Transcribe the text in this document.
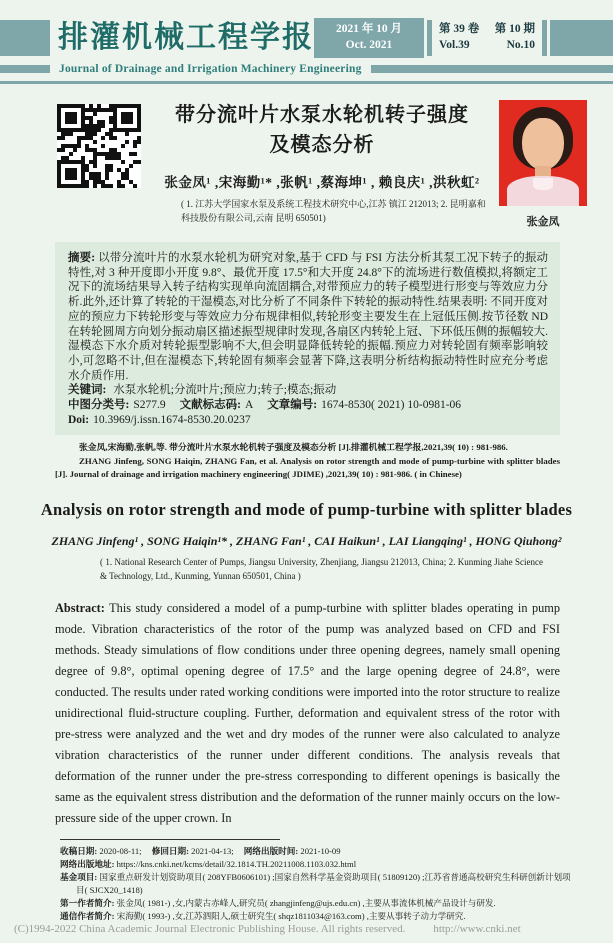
排灌机械工程学报	2021 年 10 月
Oct. 2021
第 39 卷 第 10 期
Vol.39	No.10
Journal of Drainage and Irrigation Machinery Engineering
带分流叶片水泵水轮机转子强度
及模态分析
张金凤¹ ,宋海勤¹* ,张帆¹ ,蔡海坤¹ , 赖良庆¹ ,洪秋虹²
( 1. 江苏大学国家水泵及系统工程技术研究中心,江苏 镇江 212013; 2. 昆明嘉和科技股份有限公司,云南 昆明 650501)	张金凤

摘要: 以带分流叶片的水泵水轮机为研究对象,基于 CFD 与 FSI 方法分析其泵工况下转子的振动特性,对 3 种开度即小开度 9.8°、最优开度 17.5°和大开度 24.8°下的流场进行数值模拟,将额定工况下的流场结果导入转子结构实现单向流固耦合,对带预应力的转子模型进行形变与等效应力分析.此外,还计算了转轮的干湿模态,对比分析了不同条件下转轮的振动特性.结果表明: 不同开度对应的预应力下转轮形变与等效应力分布规律相似,转轮形变主要发生在上冠低压侧.按节径数 ND 在转轮圆周方向划分振动扇区描述振型规律时发现,各扇区内转轮上冠、下环低压侧的振幅较大.湿模态下水介质对转轮振型影响不大,但会明显降低转轮的振幅.预应力对转轮固有频率影响较小,可忽略不计,但在湿模态下,转轮固有频率会显著下降,这表明分析结构振动特性时应充分考虑水介质作用.

关键词: 水泵水轮机;分流叶片;预应力;转子;模态;振动

中图分类号: S277.9 文献标志码: A 文章编号: 1674-8530( 2021) 10-0981-06

Doi: 10.3969/j.issn.1674-8530.20.0237

张金凤,宋海勤,张帆,等. 带分流叶片水泵水轮机转子强度及模态分析 [J].排灌机械工程学报,2021,39( 10) : 981-986.

ZHANG Jinfeng, SONG Haiqin, ZHANG Fan, et al. Analysis on rotor strength and mode of pump-turbine with splitter blades [J]. Journal of drainage and irrigation machinery engineering( JDIME) ,2021,39( 10) : 981-986. ( in Chinese)

Analysis on rotor strength and mode of pump-turbine with splitter blades

ZHANG Jinfeng¹ , SONG Haiqin¹* , ZHANG Fan¹ , CAI Haikun¹ , LAI Liangqing¹ , HONG Qiuhong²

( 1. National Research Center of Pumps, Jiangsu University, Zhenjiang, Jiangsu 212013, China; 2. Kunming Jiahe Science & Technology, Ltd., Kunming, Yunnan 650501, China )

Abstract: This study considered a model of a pump-turbine with splitter blades operating in pump mode. Vibration characteristics of the rotor of the pump was analyzed based on CFD and FSI methods. Steady simulations of flow conditions under three opening degrees, namely small opening degree of 9.8°, optimal opening degree of 17.5° and the large opening degree of 24.8°, were conducted. The results under rated working conditions were imported into the rotor structure to realize unidirectional fluid-structure coupling. Further, deformation and equivalent stress of the rotor with pre-stress were analyzed and the wet and dry modes of the runner were also calculated to analyze vibration characteristics of the runner under different conditions. The analysis reveals that deformation of the runner under the pre-stress corresponding to different openings is basically the same as the equivalent stress distribution and the deformation of the runner mainly occurs on the low-pressure side of the upper crown. In

收稿日期: 2020-08-11; 修回日期: 2021-04-13; 网络出版时间: 2021-10-09

网络出版地址: https://kns.cnki.net/kcms/detail/32.1814.TH.20211008.1103.032.html

基金项目: 国家重点研发计划资助项目( 208YFB0606101) ;国家自然科学基金资助项目( 51809120) ;江苏省普通高校研究生科研创新计划项目( SJCX20_1418)

第一作者简介: 张金凤( 1981-) ,女,内蒙古赤峰人,研究员( zhangjinfeng@ujs.edu.cn) ,主要从事流体机械产品设计与研发.

通信作者简介: 宋海勤( 1993-) ,女,江苏泗阳人,硕士研究生( shqz1811034@163.com) ,主要从事转子动力学研究.

(C)1994-2022 China Academic Journal Electronic Publishing House. All rights reserved.	http://www.cnki.net
